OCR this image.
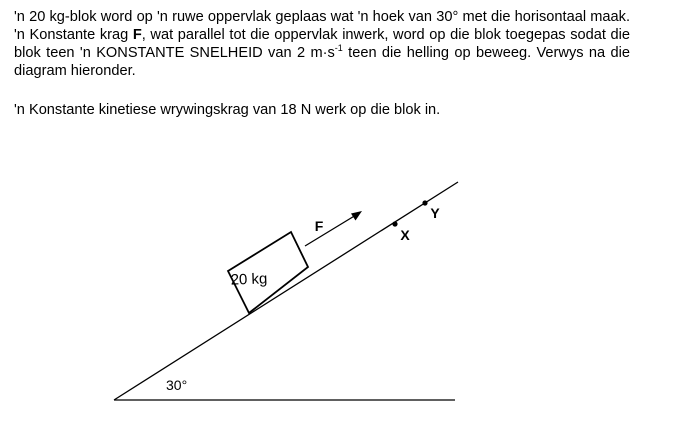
'n 20 kg-blok word op 'n ruwe oppervlak geplaas wat 'n hoek van 30° met die horisontaal maak. 'n Konstante krag F, wat parallel tot die oppervlak inwerk, word op die blok toegepas sodat die blok teen 'n KONSTANTE SNELHEID van 2 $m\cdot s^{-1}$ teen die helling op beweeg. Verwys na die diagram hieronder.

'n Konstante kinetiese wrywingskrag van 18 N werk op die blok in.

20 kg
F
30°
X
Y
